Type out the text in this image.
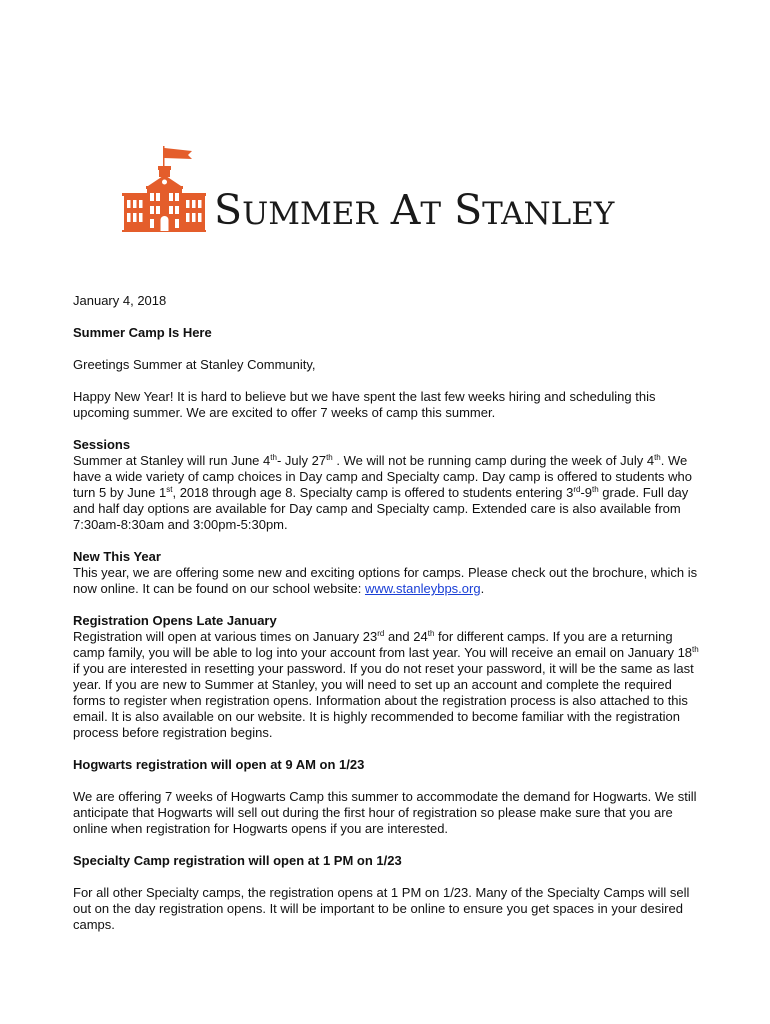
SUMMER AT STANLEY

January 4, 2018

Summer Camp Is Here

Greetings Summer at Stanley Community,

Happy New Year! It is hard to believe but we have spent the last few weeks hiring and scheduling this upcoming summer. We are excited to offer 7 weeks of camp this summer.

Sessions

Summer at Stanley will run June 4th- July 27th . We will not be running camp during the week of July 4th. We have a wide variety of camp choices in Day camp and Specialty camp. Day camp is offered to students who turn 5 by June 1st, 2018 through age 8. Specialty camp is offered to students entering 3rd-9th grade. Full day and half day options are available for Day camp and Specialty camp. Extended care is also available from 7:30am-8:30am and 3:00pm-5:30pm.

New This Year

This year, we are offering some new and exciting options for camps. Please check out the brochure, which is now online. It can be found on our school website: www.stanleybps.org.

Registration Opens Late January

Registration will open at various times on January 23rd and 24th for different camps. If you are a returning camp family, you will be able to log into your account from last year. You will receive an email on January 18th if you are interested in resetting your password. If you do not reset your password, it will be the same as last year. If you are new to Summer at Stanley, you will need to set up an account and complete the required forms to register when registration opens. Information about the registration process is also attached to this email. It is also available on our website. It is highly recommended to become familiar with the registration process before registration begins.

Hogwarts registration will open at 9 AM on 1/23

We are offering 7 weeks of Hogwarts Camp this summer to accommodate the demand for Hogwarts. We still anticipate that Hogwarts will sell out during the first hour of registration so please make sure that you are online when registration for Hogwarts opens if you are interested.

Specialty Camp registration will open at 1 PM on 1/23

For all other Specialty camps, the registration opens at 1 PM on 1/23. Many of the Specialty Camps will sell out on the day registration opens. It will be important to be online to ensure you get spaces in your desired camps.
